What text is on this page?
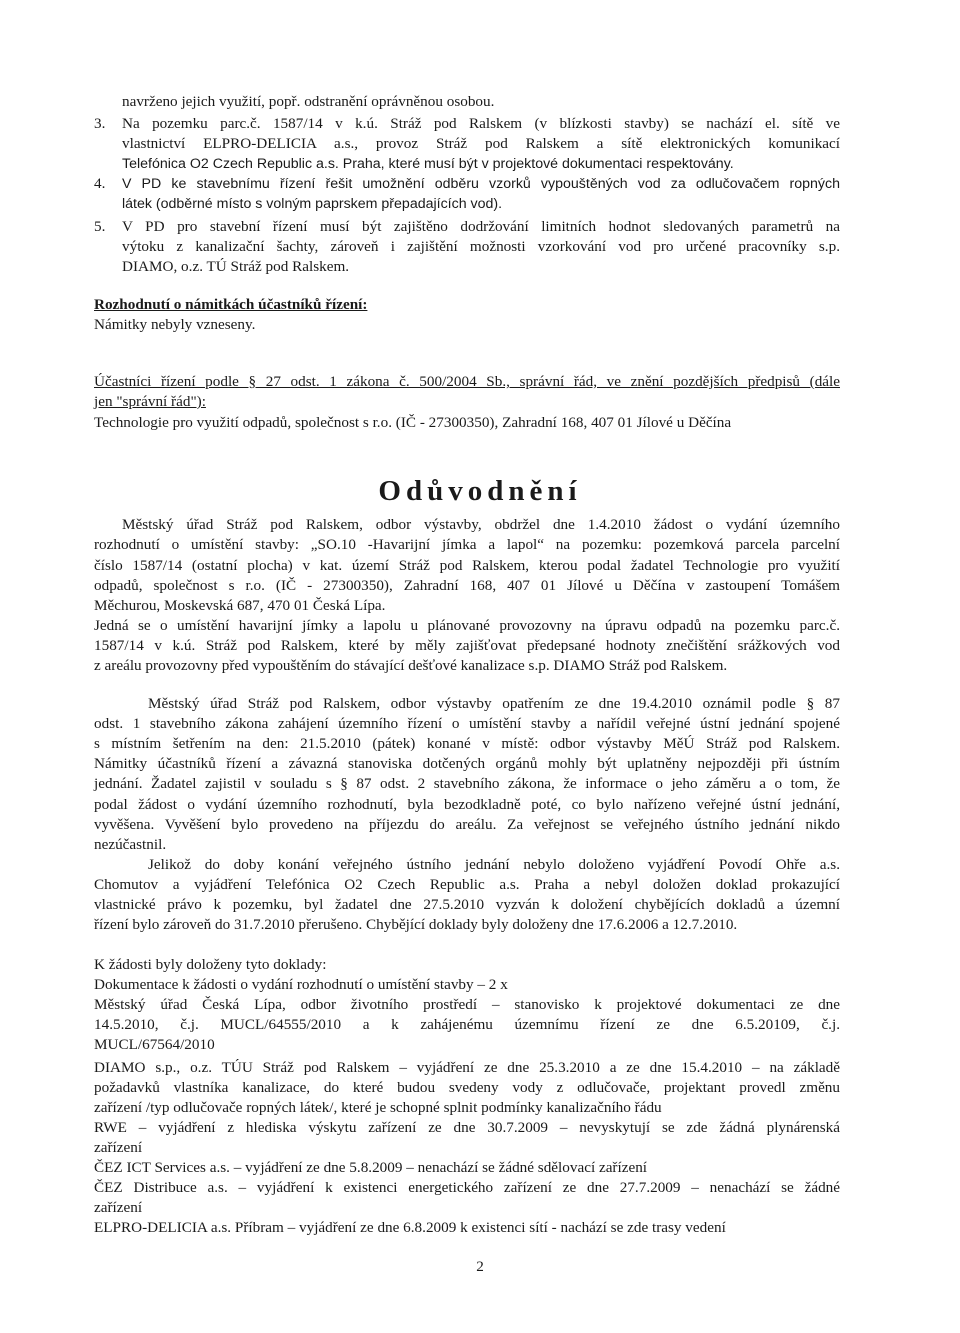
navrženo jejich využití, popř. odstranění oprávněnou osobou.
3. Na pozemku parc.č. 1587/14 v k.ú. Stráž pod Ralskem (v blízkosti stavby) se nachází el. sítě ve
vlastnictví ELPRO-DELICIA a.s., provoz Stráž pod Ralskem a sítě elektronických komunikací
Telefónica O2 Czech Republic a.s. Praha, které musí být v projektové dokumentaci respektovány.
4. V PD ke stavebnímu řízení řešit umožnění odběru vzorků vypouštěných vod za odlučovačem ropných
látek (odběrné místo s volným paprskem přepadajících vod).
5. V PD pro stavební řízení musí být zajištěno dodržování limitních hodnot sledovaných parametrů na
výtoku z kanalizační šachty, zároveň i zajištění možnosti vzorkování vod pro určené pracovníky s.p.
DIAMO, o.z. TÚ Stráž pod Ralskem.
Rozhodnutí o námitkách účastníků řízení:
Námitky nebyly vzneseny.
Účastníci řízení podle § 27 odst. 1 zákona č. 500/2004 Sb., správní řád, ve znění pozdějších předpisů (dále
jen "správní řád"):
Technologie pro využití odpadů, společnost s r.o. (IČ - 27300350), Zahradní 168, 407 01 Jílové u Děčína
Odůvodnění
Městský úřad Stráž pod Ralskem, odbor výstavby, obdržel dne 1.4.2010 žádost o vydání územního
rozhodnutí o umístění stavby: „SO.10 -Havarijní jímka a lapol“ na pozemku: pozemková parcela parcelní
číslo 1587/14 (ostatní plocha) v kat. území Stráž pod Ralskem, kterou podal žadatel Technologie pro využití
odpadů, společnost s r.o. (IČ - 27300350), Zahradní 168, 407 01 Jílové u Děčína v zastoupení Tomášem
Měchurou, Moskevská 687, 470 01 Česká Lípa.
Jedná se o umístění havarijní jímky a lapolu u plánované provozovny na úpravu odpadů na pozemku parc.č.
1587/14 v k.ú. Stráž pod Ralskem, které by měly zajišťovat předepsané hodnoty znečištění srážkových vod
z areálu provozovny před vypouštěním do stávající dešťové kanalizace s.p. DIAMO Stráž pod Ralskem.
Městský úřad Stráž pod Ralskem, odbor výstavby opatřením ze dne 19.4.2010 oznámil podle § 87
odst. 1 stavebního zákona zahájení územního řízení o umístění stavby a nařídil veřejné ústní jednání spojené
s místním šetřením na den: 21.5.2010 (pátek) konané v místě: odbor výstavby MěÚ Stráž pod Ralskem.
Námitky účastníků řízení a závazná stanoviska dotčených orgánů mohly být uplatněny nejpozději při ústním
jednání. Žadatel zajistil v souladu s § 87 odst. 2 stavebního zákona, že informace o jeho záměru a o tom, že
podal žádost o vydání územního rozhodnutí, byla bezodkladně poté, co bylo nařízeno veřejné ústní jednání,
vyvěšena. Vyvěšení bylo provedeno na příjezdu do areálu. Za veřejnost se veřejného ústního jednání nikdo
nezúčastnil.
Jelikož do doby konání veřejného ústního jednání nebylo doloženo vyjádření Povodí Ohře a.s.
Chomutov a vyjádření Telefónica O2 Czech Republic a.s. Praha a nebyl doložen doklad prokazující
vlastnické právo k pozemku, byl žadatel dne 27.5.2010 vyzván k doložení chybějících dokladů a územní
řízení bylo zároveň do 31.7.2010 přerušeno. Chybějící doklady byly doloženy dne 17.6.2006 a 12.7.2010.
K žádosti byly doloženy tyto doklady:
Dokumentace k žádosti o vydání rozhodnutí o umístění stavby – 2 x
Městský úřad Česká Lípa, odbor životního prostředí – stanovisko k projektové dokumentaci ze dne
14.5.2010, č.j. MUCL/64555/2010 a k zahájenému územnímu řízení ze dne 6.5.20109, č.j.
MUCL/67564/2010
DIAMO s.p., o.z. TÚU Stráž pod Ralskem – vyjádření ze dne 25.3.2010 a ze dne 15.4.2010 – na základě
požadavků vlastníka kanalizace, do které budou svedeny vody z odlučovače, projektant provedl změnu
zařízení /typ odlučovače ropných látek/, které je schopné splnit podmínky kanalizačního řádu
RWE – vyjádření z hlediska výskytu zařízení ze dne 30.7.2009 – nevyskytují se zde žádná plynárenská
zařízení
ČEZ ICT Services a.s. – vyjádření ze dne 5.8.2009 – nenachází se žádné sdělovací zařízení
ČEZ Distribuce a.s. – vyjádření k existenci energetického zařízení ze dne 27.7.2009 – nenachází se žádné
zařízení
ELPRO-DELICIA a.s. Příbram – vyjádření ze dne 6.8.2009 k existenci sítí - nachází se zde trasy vedení
2
